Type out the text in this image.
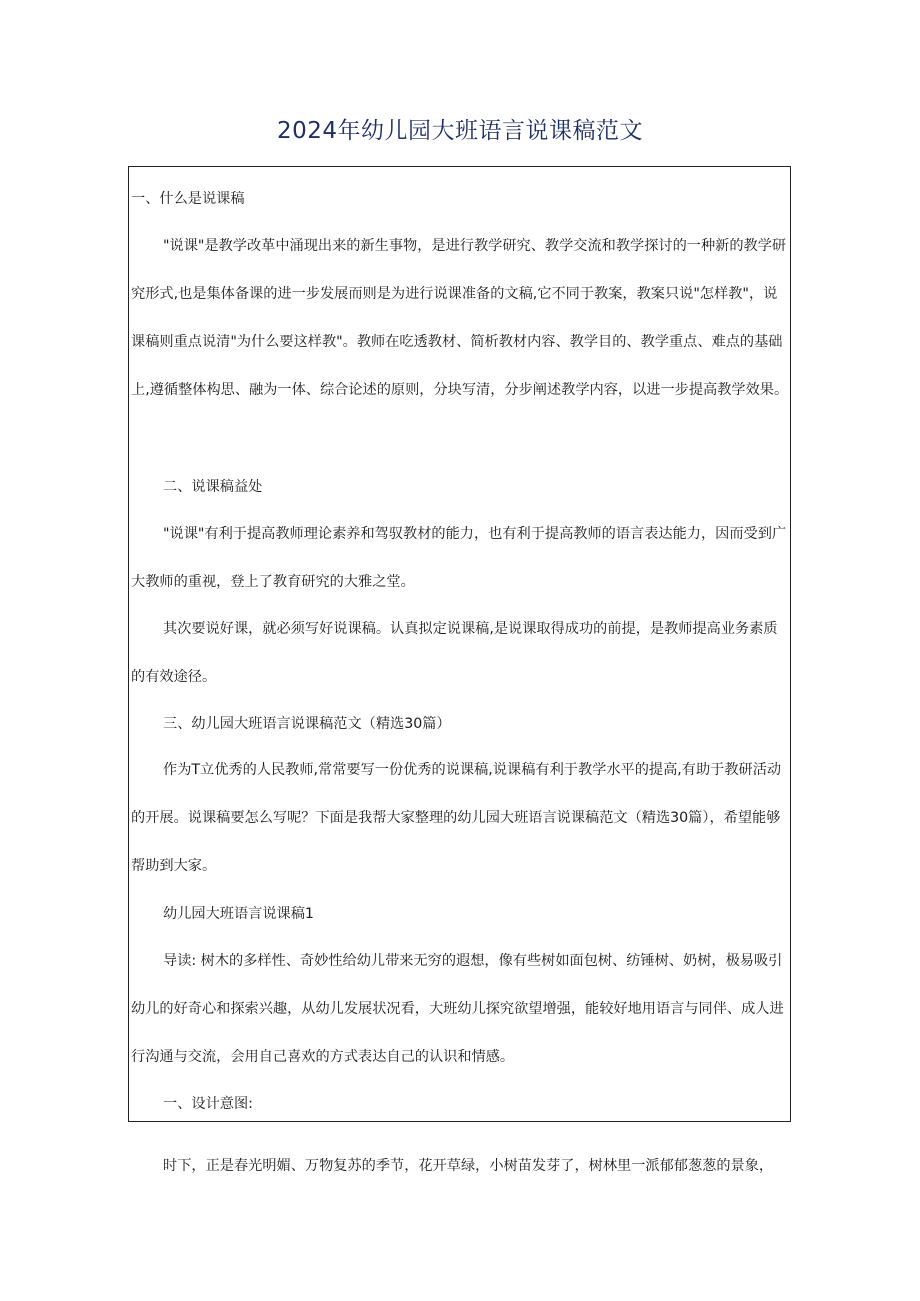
2024年幼儿园大班语言说课稿范文

一、什么是说课稿

"说课"是教学改革中涌现出来的新生事物，是进行教学研究、教学交流和教学探讨的一种新的教学研究形式,也是集体备课的进一步发展而则是为进行说课准备的文稿,它不同于教案，教案只说"怎样教"，说课稿则重点说清"为什么要这样教"。教师在吃透教材、简析教材内容、教学目的、教学重点、难点的基础上,遵循整体构思、融为一体、综合论述的原则，分块写清，分步阐述教学内容，以进一步提高教学效果。

二、说课稿益处

"说课"有利于提高教师理论素养和驾驭教材的能力，也有利于提高教师的语言表达能力，因而受到广大教师的重视，登上了教育研究的大雅之堂。

其次要说好课，就必须写好说课稿。认真拟定说课稿,是说课取得成功的前提，是教师提高业务素质的有效途径。

三、幼儿园大班语言说课稿范文（精选30篇）

作为T立优秀的人民教师,常常要写一份优秀的说课稿,说课稿有利于教学水平的提高,有助于教研活动的开展。说课稿要怎么写呢？下面是我帮大家整理的幼儿园大班语言说课稿范文（精选30篇），希望能够帮助到大家。

幼儿园大班语言说课稿1

导读: 树木的多样性、奇妙性给幼儿带来无穷的遐想，像有些树如面包树、纺锤树、奶树，极易吸引幼儿的好奇心和探索兴趣，从幼儿发展状况看，大班幼儿探究欲望增强，能较好地用语言与同伴、成人进行沟通与交流，会用自己喜欢的方式表达自己的认识和情感。

一、设计意图:

时下，正是春光明媚、万物复苏的季节，花开草绿，小树苗发芽了，树林里一派郁郁葱葱的景象，
